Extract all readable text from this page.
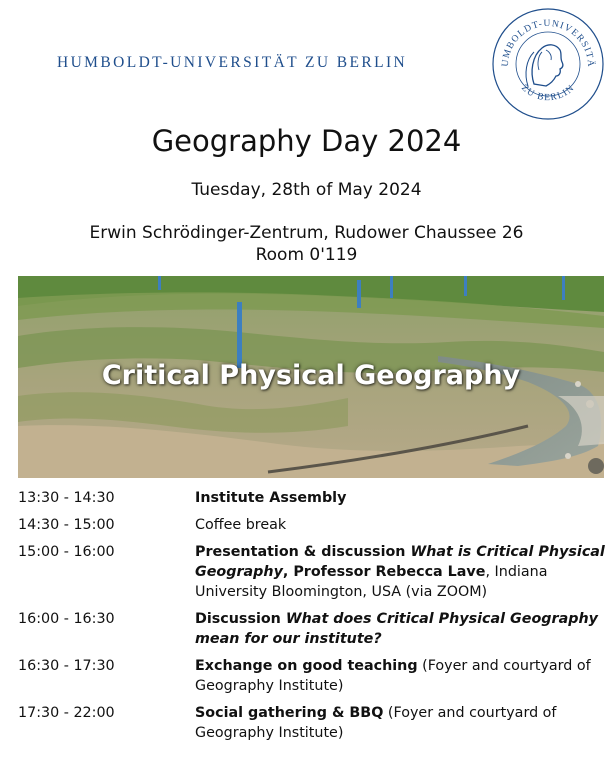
HUMBOLDT-UNIVERSITÄT ZU BERLIN	UMBOLDT-UNIVERSITÄ
ZU BERLIN
Geography Day 2024
Tuesday, 28th of May 2024
Erwin Schrödinger-Zentrum, Rudower Chaussee 26
Room 0'119
Critical Physical Geography
13:30 - 14:30	Institute Assembly
14:30 - 15:00	Coffee break
15:00 - 16:00	Presentation & discussion What is Critical Physical Geography, Professor Rebecca Lave, Indiana University Bloomington, USA (via ZOOM)
16:00 - 16:30	Discussion What does Critical Physical Geography mean for our institute?
16:30 - 17:30	Exchange on good teaching (Foyer and courtyard of Geography Institute)
17:30 - 22:00	Social gathering & BBQ (Foyer and courtyard of Geography Institute)
